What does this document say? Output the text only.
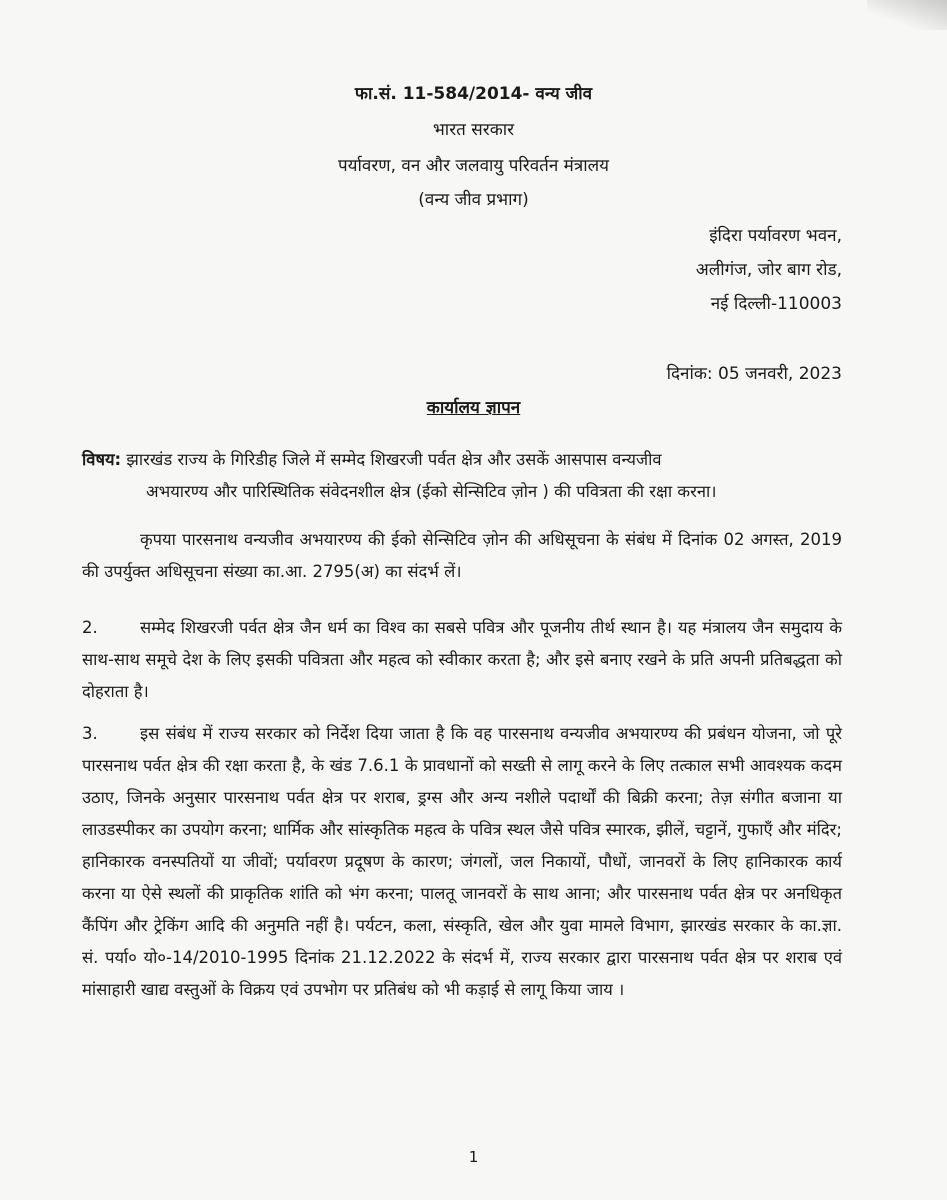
फा.सं. 11-584/2014- वन्य जीव
भारत सरकार
पर्यावरण, वन और जलवायु परिवर्तन मंत्रालय
(वन्य जीव प्रभाग)
इंदिरा पर्यावरण भवन,
अलीगंज, जोर बाग रोड,
नई दिल्ली-110003
दिनांक: 05 जनवरी, 2023
कार्यालय ज्ञापन
विषय: झारखंड राज्य के गिरिडीह जिले में सम्मेद शिखरजी पर्वत क्षेत्र और उसकें आसपास वन्यजीव
अभयारण्य और पारिस्थितिक संवेदनशील क्षेत्र (ईको सेन्सिटिव ज़ोन ) की पवित्रता की रक्षा करना।
कृपया पारसनाथ वन्यजीव अभयारण्य की ईको सेन्सिटिव ज़ोन की अधिसूचना के संबंध में दिनांक 02 अगस्त, 2019 की उपर्युक्त अधिसूचना संख्या का.आ. 2795(अ) का संदर्भ लें।
2.	सम्मेद शिखरजी पर्वत क्षेत्र जैन धर्म का विश्व का सबसे पवित्र और पूजनीय तीर्थ स्थान है। यह मंत्रालय जैन समुदाय के साथ-साथ समूचे देश के लिए इसकी पवित्रता और महत्व को स्वीकार करता है; और इसे बनाए रखने के प्रति अपनी प्रतिबद्धता को दोहराता है।
3.	इस संबंध में राज्य सरकार को निर्देश दिया जाता है कि वह पारसनाथ वन्यजीव अभयारण्य की प्रबंधन योजना, जो पूरे पारसनाथ पर्वत क्षेत्र की रक्षा करता है, के खंड 7.6.1 के प्रावधानों को सख्ती से लागू करने के लिए तत्काल सभी आवश्यक कदम उठाए, जिनके अनुसार पारसनाथ पर्वत क्षेत्र पर शराब, ड्रग्स और अन्य नशीले पदार्थों की बिक्री करना; तेज़ संगीत बजाना या लाउडस्पीकर का उपयोग करना; धार्मिक और सांस्कृतिक महत्व के पवित्र स्थल जैसे पवित्र स्मारक, झीलें, चट्टानें, गुफाएँ और मंदिर; हानिकारक वनस्पतियों या जीवों; पर्यावरण प्रदूषण के कारण; जंगलों, जल निकायों, पौधों, जानवरों के लिए हानिकारक कार्य करना या ऐसे स्थलों की प्राकृतिक शांति को भंग करना; पालतू जानवरों के साथ आना; और पारसनाथ पर्वत क्षेत्र पर अनधिकृत कैंपिंग और ट्रेकिंग आदि की अनुमति नहीं है। पर्यटन, कला, संस्कृति, खेल और युवा मामले विभाग, झारखंड सरकार के का.ज्ञा. सं. पर्या० यो०-14/2010-1995 दिनांक 21.12.2022 के संदर्भ में, राज्य सरकार द्वारा पारसनाथ पर्वत क्षेत्र पर शराब एवं मांसाहारी खाद्य वस्तुओं के विक्रय एवं उपभोग पर प्रतिबंध को भी कड़ाई से लागू किया जाय ।
1
